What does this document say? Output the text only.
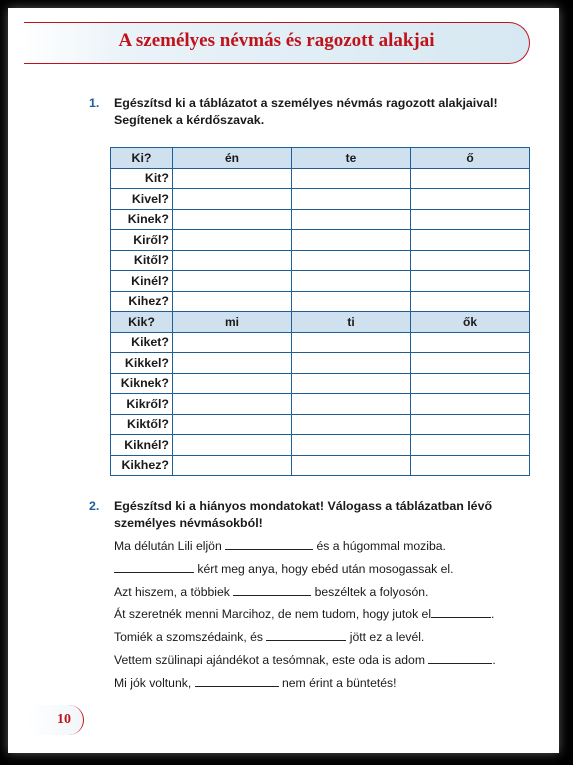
A személyes névmás és ragozott alakjai
1.	Egészítsd ki a táblázatot a személyes névmás ragozott alakjaival!
Segítenek a kérdőszavak.
Ki?	én	te	ő
Kit?			
Kivel?			
Kinek?			
Kiről?			
Kitől?			
Kinél?			
Kihez?			
Kik?	mi	ti	ők
Kiket?			
Kikkel?			
Kiknek?			
Kikről?			
Kiktől?			
Kiknél?			
Kikhez?			
2.	Egészítsd ki a hiányos mondatokat! Válogass a táblázatban lévő
személyes névmásokból!
Ma délután Lili eljön	és a húgommal moziba.
kért meg anya, hogy ebéd után mosogassak el.
Azt hiszem, a többiek	beszéltek a folyosón.
Át szeretnék menni Marcihoz, de nem tudom, hogy jutok el	.
Tomiék a szomszédaink, és	jött ez a levél.
Vettem szülinapi ajándékot a tesómnak, este oda is adom	.
Mi jók voltunk,	nem érint a büntetés!
10
